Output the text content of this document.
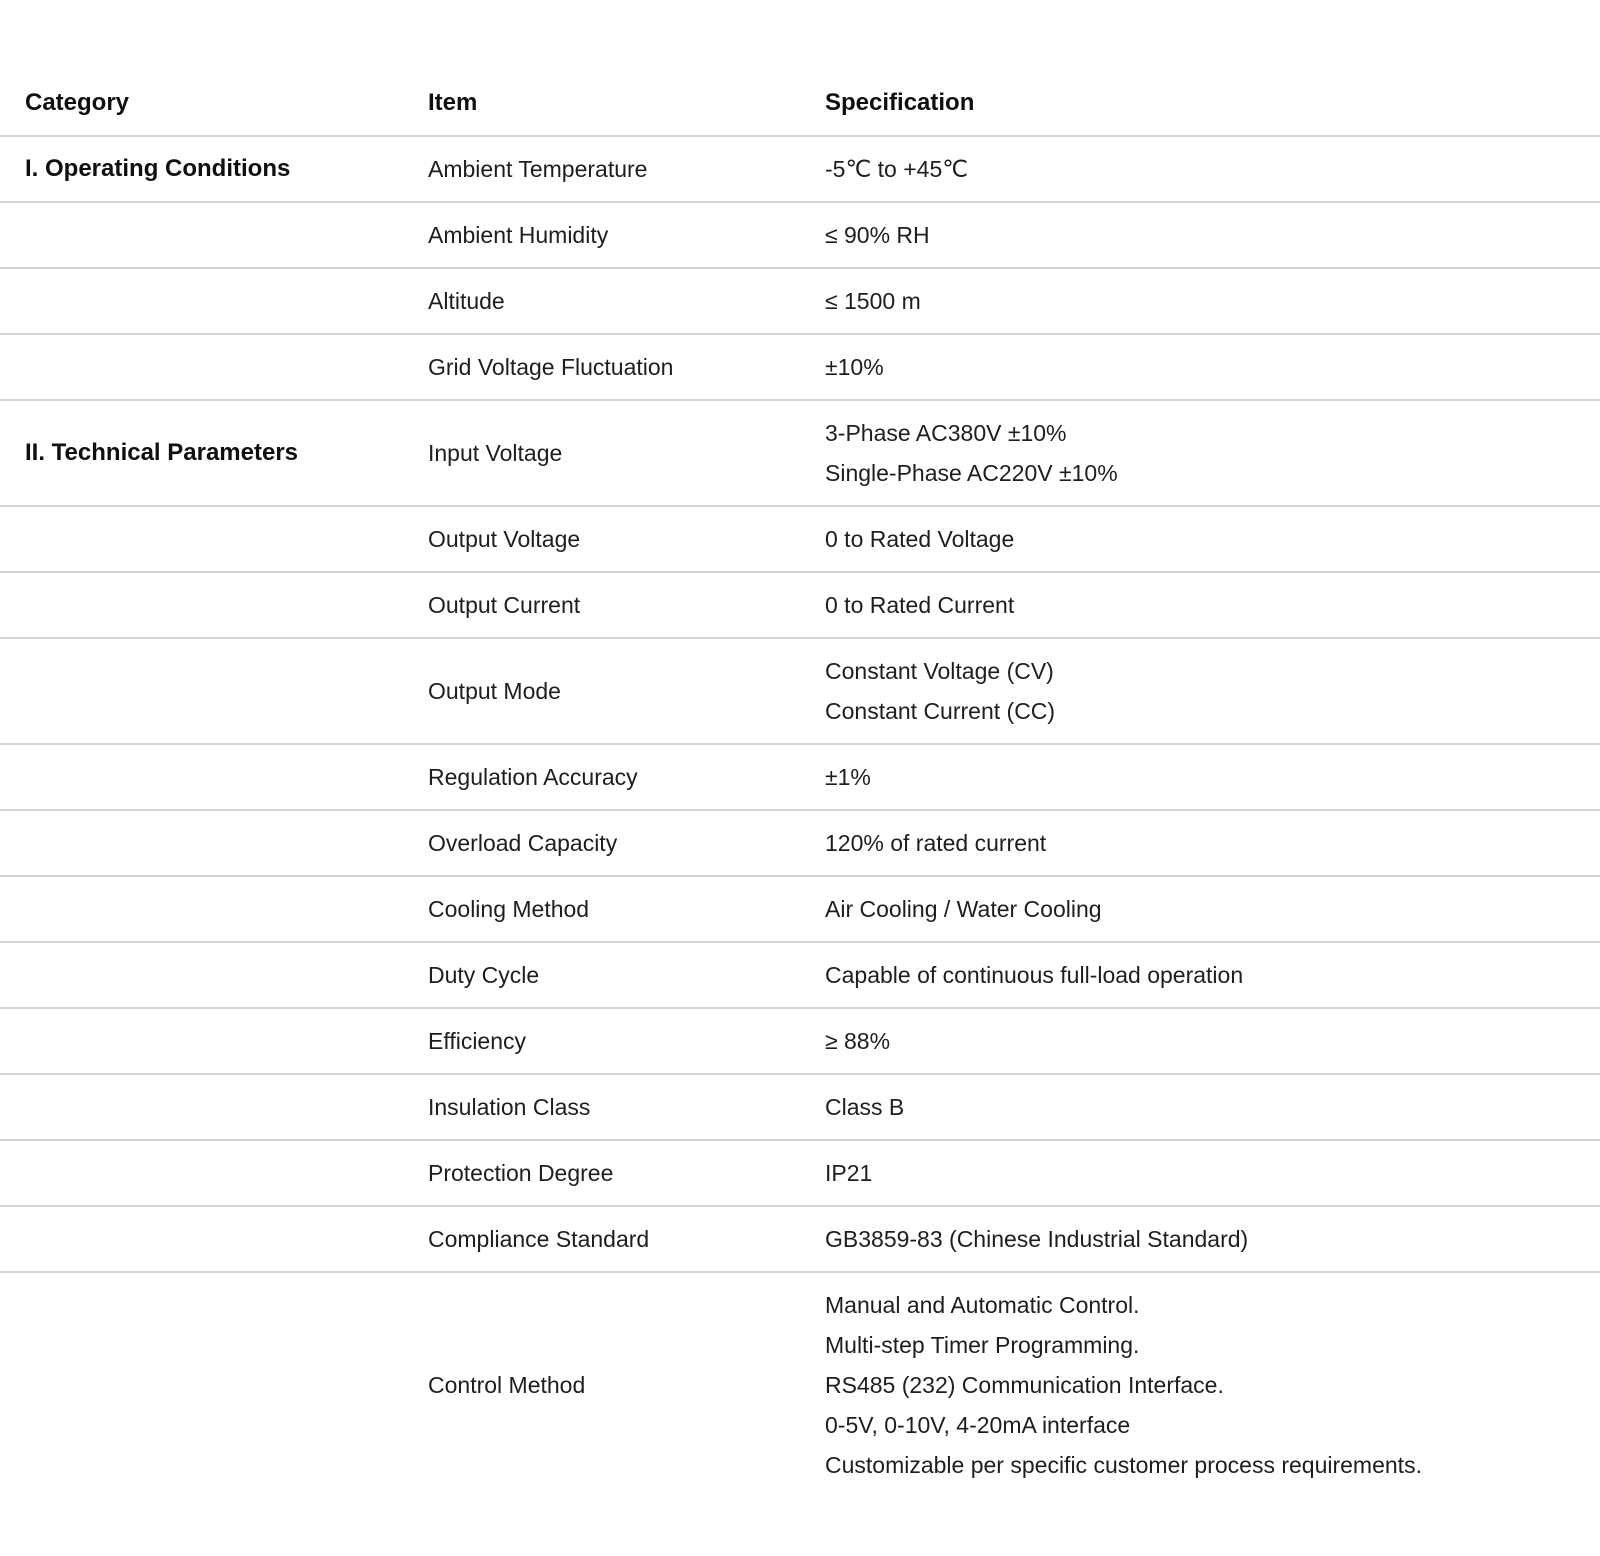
Category	Item	Specification
I. Operating Conditions	Ambient Temperature	-5℃ to +45℃

	Ambient Humidity	≤ 90% RH

	Altitude	≤ 1500 m

	Grid Voltage Fluctuation	±10%

II. Technical Parameters	Input Voltage	3-Phase AC380V ±10%
Single-Phase AC220V ±10%

	Output Voltage	0 to Rated Voltage

	Output Current	0 to Rated Current

	Output Mode	Constant Voltage (CV)
Constant Current (CC)

	Regulation Accuracy	±1%

	Overload Capacity	120% of rated current

	Cooling Method	Air Cooling / Water Cooling

	Duty Cycle	Capable of continuous full-load operation

	Efficiency	≥ 88%

	Insulation Class	Class B

	Protection Degree	IP21

	Compliance Standard	GB3859-83 (Chinese Industrial Standard)

	Control Method	Manual and Automatic Control.
Multi-step Timer Programming.
RS485 (232) Communication Interface.
0-5V, 0-10V, 4-20mA interface
Customizable per specific customer process requirements.
